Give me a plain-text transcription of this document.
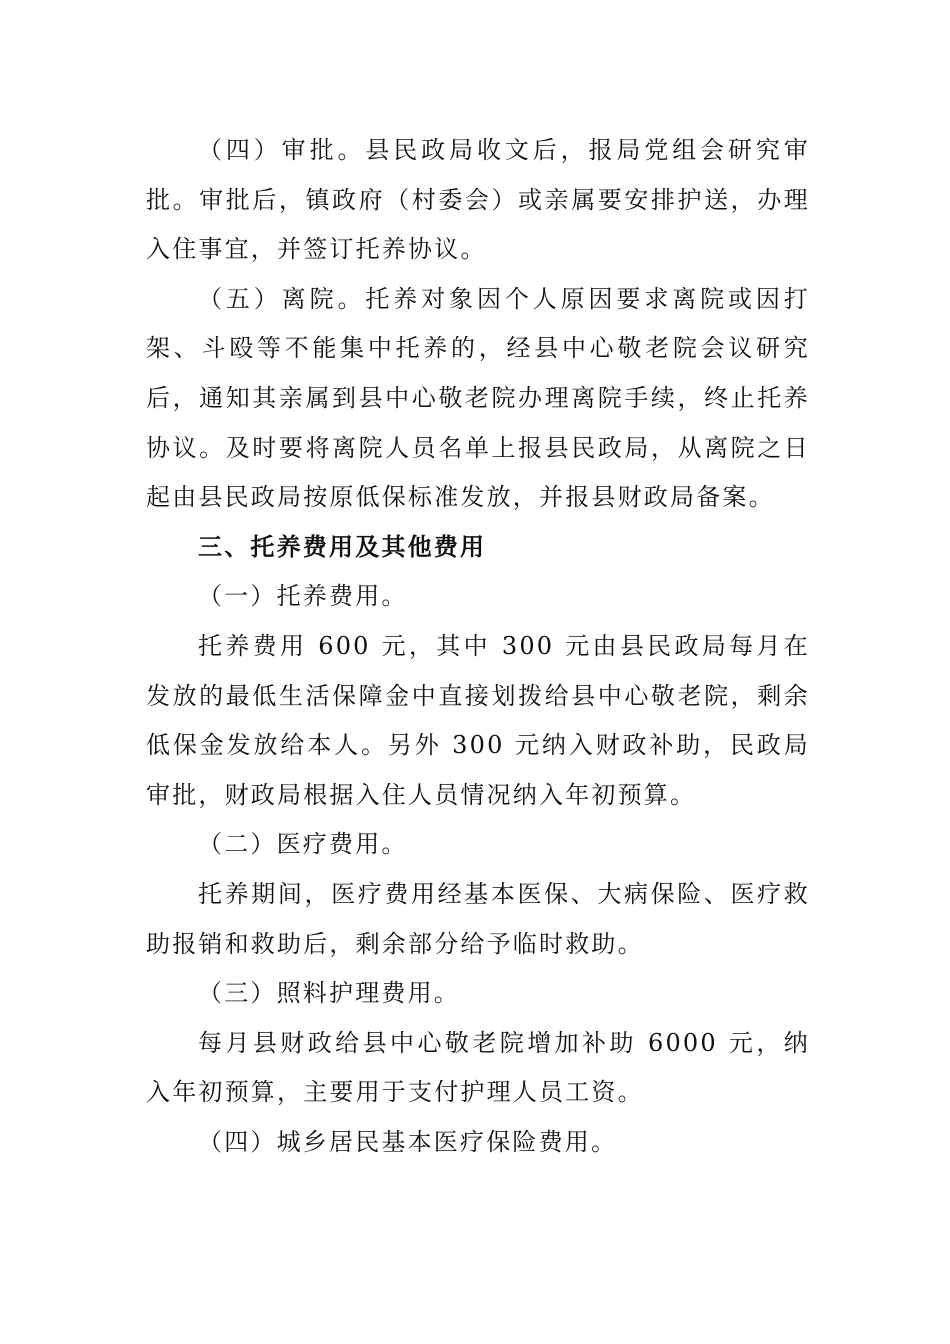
（四）审批。县民政局收文后，报局党组会研究审批。审批后，镇政府（村委会）或亲属要安排护送，办理入住事宜，并签订托养协议。

（五）离院。托养对象因个人原因要求离院或因打架、斗殴等不能集中托养的，经县中心敬老院会议研究后，通知其亲属到县中心敬老院办理离院手续，终止托养协议。及时要将离院人员名单上报县民政局，从离院之日起由县民政局按原低保标准发放，并报县财政局备案。

三、托养费用及其他费用

（一）托养费用。

托养费用 600 元，其中 300 元由县民政局每月在发放的最低生活保障金中直接划拨给县中心敬老院，剩余低保金发放给本人。另外 300 元纳入财政补助，民政局审批，财政局根据入住人员情况纳入年初预算。

（二）医疗费用。

托养期间，医疗费用经基本医保、大病保险、医疗救助报销和救助后，剩余部分给予临时救助。

（三）照料护理费用。

每月县财政给县中心敬老院增加补助 6000 元，纳入年初预算，主要用于支付护理人员工资。

（四）城乡居民基本医疗保险费用。
